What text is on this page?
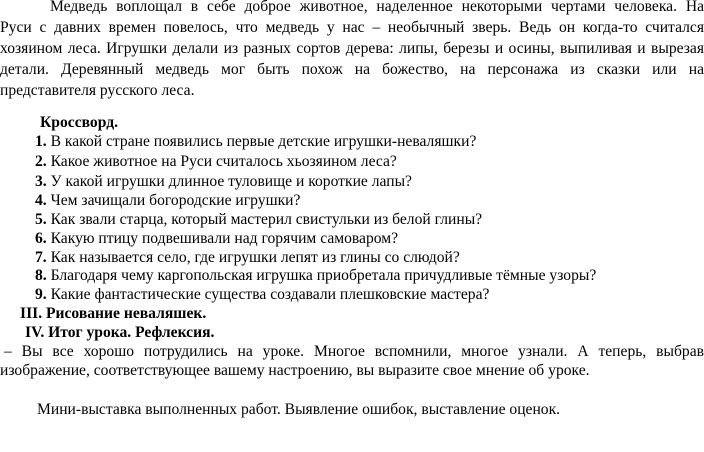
Медведь воплощал в себе доброе животное, наделенное некоторыми чертами человека. На
Руси с давних времен повелось, что медведь у нас – необычный зверь. Ведь он когда-то считался
хозяином леса. Игрушки делали из разных сортов дерева: липы, березы и осины, выпиливая и вырезая
детали. Деревянный медведь мог быть похож на божество, на персонажа из сказки или на
представителя русского леса.

Кроссворд.
1. В какой стране появились первые детские игрушки-неваляшки?
2. Какое животное на Руси считалось хьозяином леса?
3. У какой игрушки длинное туловище и короткие лапы?
4. Чем зачищали богородские игрушки?
5. Как звали старца, который мастерил свистульки из белой глины?
6. Какую птицу подвешивали над горячим самоваром?
7. Как называется село, где игрушки лепят из глины со слюдой?
8. Благодаря чему каргопольская игрушка приобретала причудливые тёмные узоры?
9. Какие фантастические существа создавали плешковские мастера?
III. Рисование неваляшек.
IV. Итог урока. Рефлексия.
– Вы все хорошо потрудились на уроке. Многое вспомнили, многое узнали. А теперь, выбрав
изображение, соответствующее вашему настроению, вы выразите свое мнение об уроке.
Мини-выставка выполненных работ. Выявление ошибок, выставление оценок.
